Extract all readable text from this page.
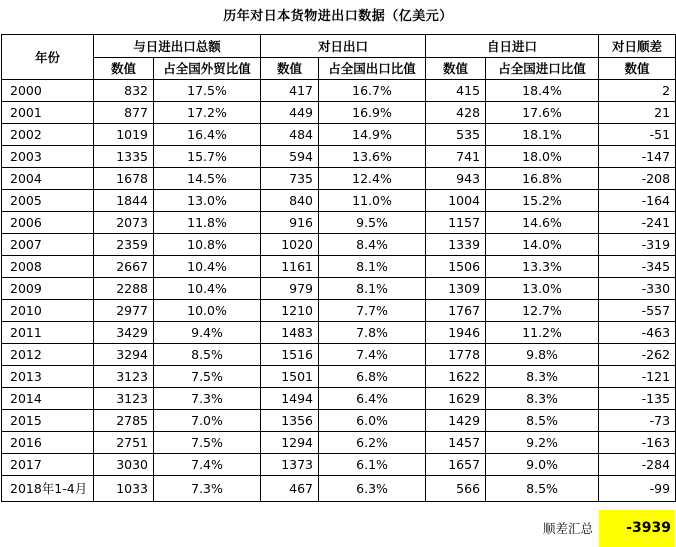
历年对日本货物进出口数据（亿美元）
年份	与日进出口总额		对日出口		自日进口		对日顺差
	数值	占全国外贸比值	数值	占全国出口比值	数值	占全国进口比值	数值
2000	832	17.5%	417	16.7%	415	18.4%	2
2001	877	17.2%	449	16.9%	428	17.6%	21
2002	1019	16.4%	484	14.9%	535	18.1%	-51
2003	1335	15.7%	594	13.6%	741	18.0%	-147
2004	1678	14.5%	735	12.4%	943	16.8%	-208
2005	1844	13.0%	840	11.0%	1004	15.2%	-164
2006	2073	11.8%	916	9.5%	1157	14.6%	-241
2007	2359	10.8%	1020	8.4%	1339	14.0%	-319
2008	2667	10.4%	1161	8.1%	1506	13.3%	-345
2009	2288	10.4%	979	8.1%	1309	13.0%	-330
2010	2977	10.0%	1210	7.7%	1767	12.7%	-557
2011	3429	9.4%	1483	7.8%	1946	11.2%	-463
2012	3294	8.5%	1516	7.4%	1778	9.8%	-262
2013	3123	7.5%	1501	6.8%	1622	8.3%	-121
2014	3123	7.3%	1494	6.4%	1629	8.3%	-135
2015	2785	7.0%	1356	6.0%	1429	8.5%	-73
2016	2751	7.5%	1294	6.2%	1457	9.2%	-163
2017	3030	7.4%	1373	6.1%	1657	9.0%	-284
2018年1-4月	1033	7.3%	467	6.3%	566	8.5%	-99
顺差汇总	-3939
